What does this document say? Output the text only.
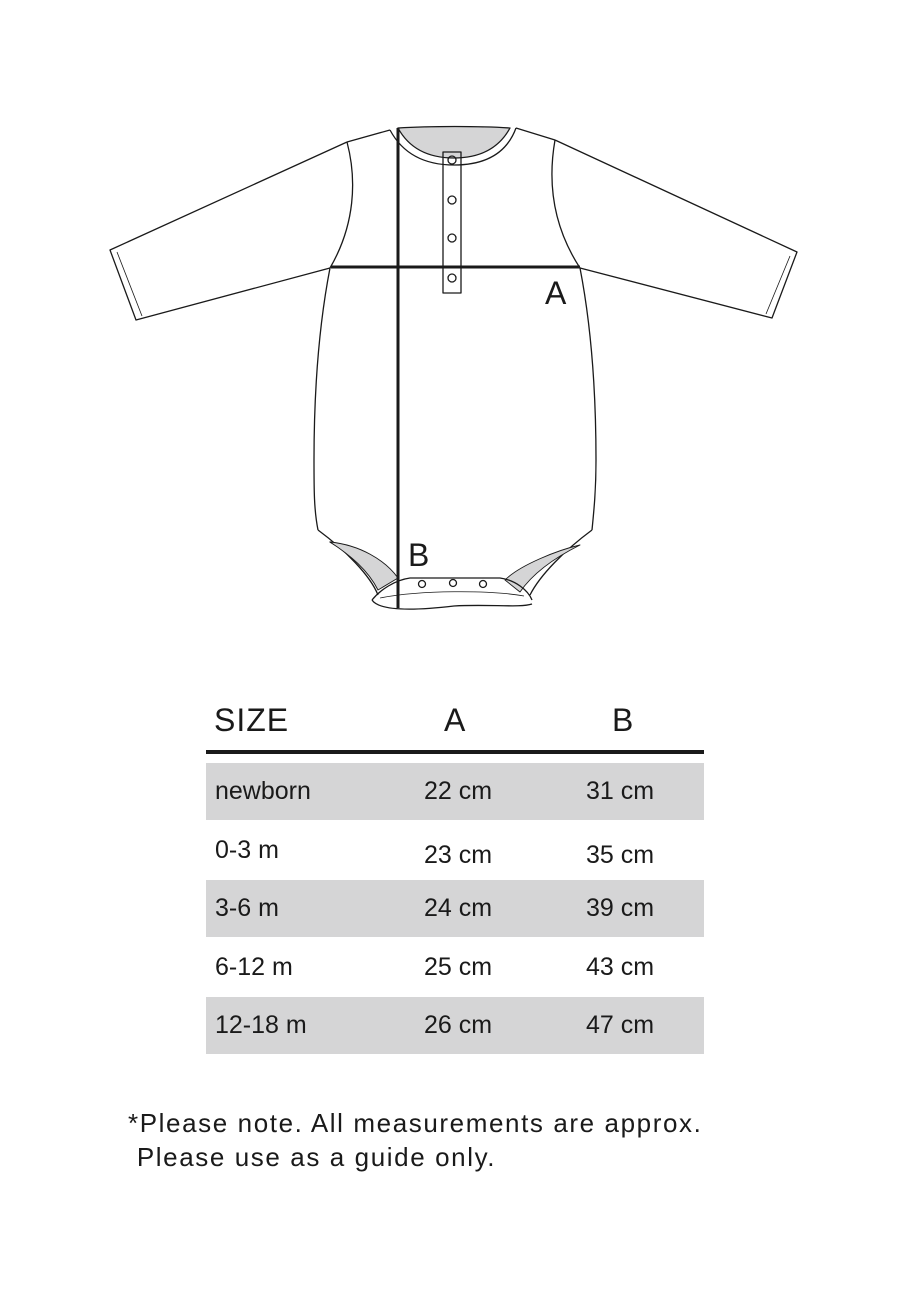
A
B
SIZE	A	B
newborn	22 cm	31 cm
0-3 m	23 cm	35 cm
3-6 m	24 cm	39 cm
6-12 m	25 cm	43 cm
12-18 m	26 cm	47 cm
*Please note. All measurements are approx.
Please use as a guide only.
